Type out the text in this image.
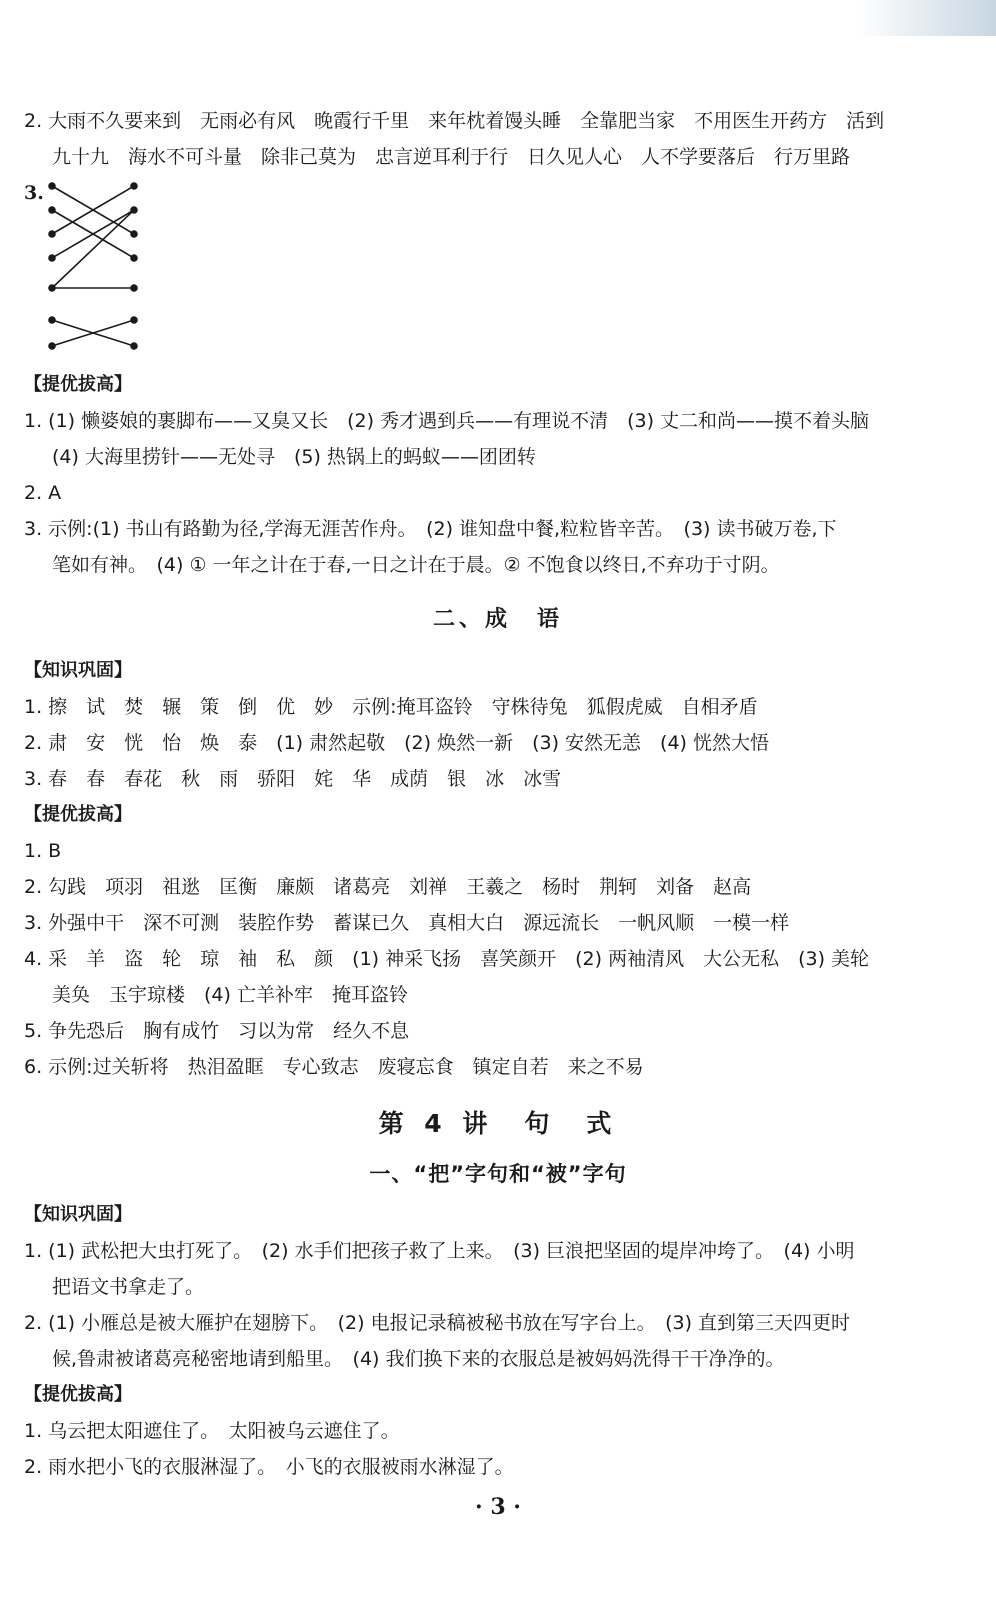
2. 大雨不久要来到　无雨必有风　晚霞行千里　来年枕着馒头睡　全靠肥当家　不用医生开药方　活到
九十九　海水不可斗量　除非己莫为　忠言逆耳利于行　日久见人心　人不学要落后　行万里路
3.
【提优拔高】
1. (1) 懒婆娘的裹脚布——又臭又长　(2) 秀才遇到兵——有理说不清　(3) 丈二和尚——摸不着头脑
(4) 大海里捞针——无处寻　(5) 热锅上的蚂蚁——团团转
2. A
3. 示例:(1) 书山有路勤为径,学海无涯苦作舟。　(2) 谁知盘中餐,粒粒皆辛苦。　(3) 读书破万卷,下
笔如有神。　(4) ① 一年之计在于春,一日之计在于晨。② 不饱食以终日,不弃功于寸阴。
二、成　语
【知识巩固】
1. 擦　试　焚　辗　策　倒　优　妙　示例:掩耳盗铃　守株待兔　狐假虎威　自相矛盾
2. 肃　安　恍　怡　焕　泰　(1) 肃然起敬　(2) 焕然一新　(3) 安然无恙　(4) 恍然大悟
3. 春　春　春花　秋　雨　骄阳　姹　华　成荫　银　冰　冰雪
【提优拔高】
1. B
2. 勾践　项羽　祖逖　匡衡　廉颇　诸葛亮　刘禅　王羲之　杨时　荆轲　刘备　赵高
3. 外强中干　深不可测　装腔作势　蓄谋已久　真相大白　源远流长　一帆风顺　一模一样
4. 采　羊　盗　轮　琼　袖　私　颜　(1) 神采飞扬　喜笑颜开　(2) 两袖清风　大公无私　(3) 美轮
美奂　玉宇琼楼　(4) 亡羊补牢　掩耳盗铃
5. 争先恐后　胸有成竹　习以为常　经久不息
6. 示例:过关斩将　热泪盈眶　专心致志　废寝忘食　镇定自若　来之不易
第 4 讲　句　式
一、“把”字句和“被”字句
【知识巩固】
1. (1) 武松把大虫打死了。　(2) 水手们把孩子救了上来。　(3) 巨浪把坚固的堤岸冲垮了。　(4) 小明
把语文书拿走了。
2. (1) 小雁总是被大雁护在翅膀下。　(2) 电报记录稿被秘书放在写字台上。　(3) 直到第三天四更时
候,鲁肃被诸葛亮秘密地请到船里。　(4) 我们换下来的衣服总是被妈妈洗得干干净净的。
【提优拔高】
1. 乌云把太阳遮住了。　太阳被乌云遮住了。
2. 雨水把小飞的衣服淋湿了。　小飞的衣服被雨水淋湿了。
· 3 ·
